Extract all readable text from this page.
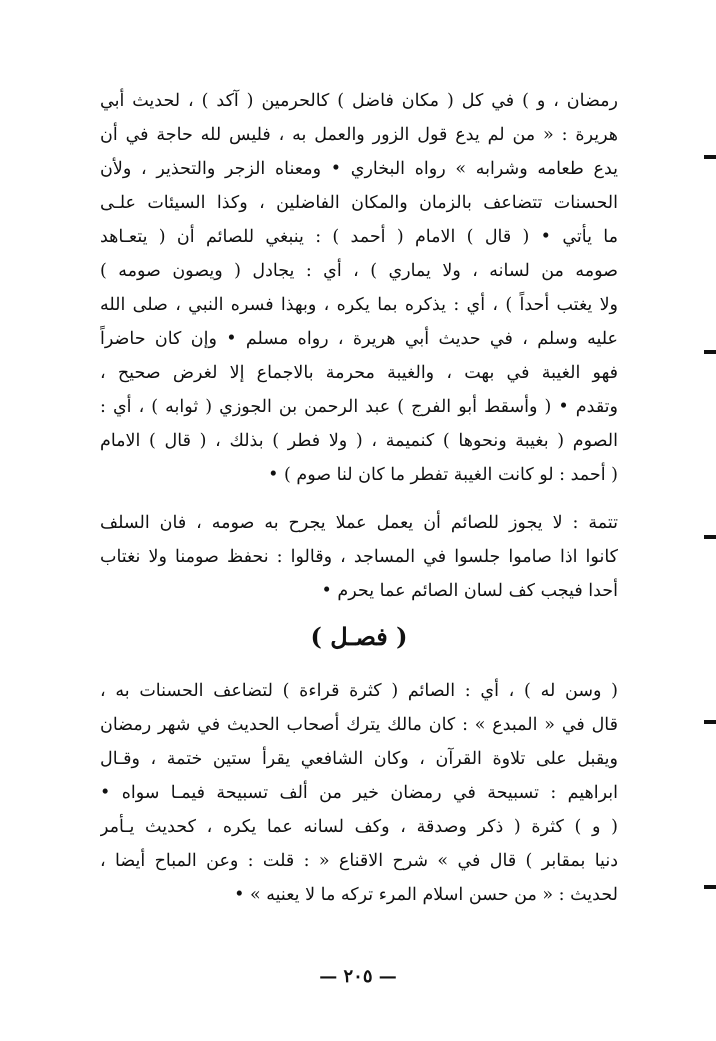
رمضان ، و ) في كل ( مكان فاضل ) كالحرمين ( آكد ) ، لحديث أبي
هريرة : « من لم يدع قول الزور والعمل به ، فليس لله حاجة في أن
يدع طعامه وشرابه » رواه البخاري • ومعناه الزجر والتحذير ، ولأن
الحسنات تتضاعف بالزمان والمكان الفاضلين ، وكذا السيئات علـى
ما يأتي • ( قال ) الامام ( أحمد ) : ينبغي للصائم أن ( يتعـاهد
صومه من لسانه ، ولا يماري ) ، أي : يجادل ( ويصون صومه )
ولا يغتب أحداً ) ، أي : يذكره بما يكره ، وبهذا فسره النبي ، صلى الله
عليه وسلم ، في حديث أبي هريرة ، رواه مسلم • وإن كان حاضراً
فهو الغيبة في بهت ، والغيبة محرمة بالاجماع إلا لغرض صحيح ،
وتقدم • ( وأسقط أبو الفرج ) عبد الرحمن بن الجوزي ( ثوابه ) ، أي :
الصوم ( بغيبة ونحوها ) كنميمة ، ( ولا فطر ) بذلك ، ( قال ) الامام
( أحمد : لو كانت الغيبة تفطر ما كان لنا صوم ) •
تتمة : لا يجوز للصائم أن يعمل عملا يجرح به صومه ، فان السلف
كانوا اذا صاموا جلسوا في المساجد ، وقالوا : نحفظ صومنا ولا نغتاب
أحدا فيجب كف لسان الصائم عما يحرم •
( فصـل )
( وسن له ) ، أي : الصائم ( كثرة قراءة ) لتضاعف الحسنات به ،
قال في « المبدع » : كان مالك يترك أصحاب الحديث في شهر رمضان
ويقبل على تلاوة القرآن ، وكان الشافعي يقرأ ستين ختمة ، وقـال
ابراهيم : تسبيحة في رمضان خير من ألف تسبيحة فيمـا سواه •
( و ) كثرة ( ذكر وصدقة ، وكف لسانه عما يكره ، كحديث يـأمر
دنيا بمقابر ) قال في » شرح الاقناع « : قلت : وعن المباح أيضا ،
لحديث : « من حسن اسلام المرء تركه ما لا يعنيه » •
— ٢٠٥ —
